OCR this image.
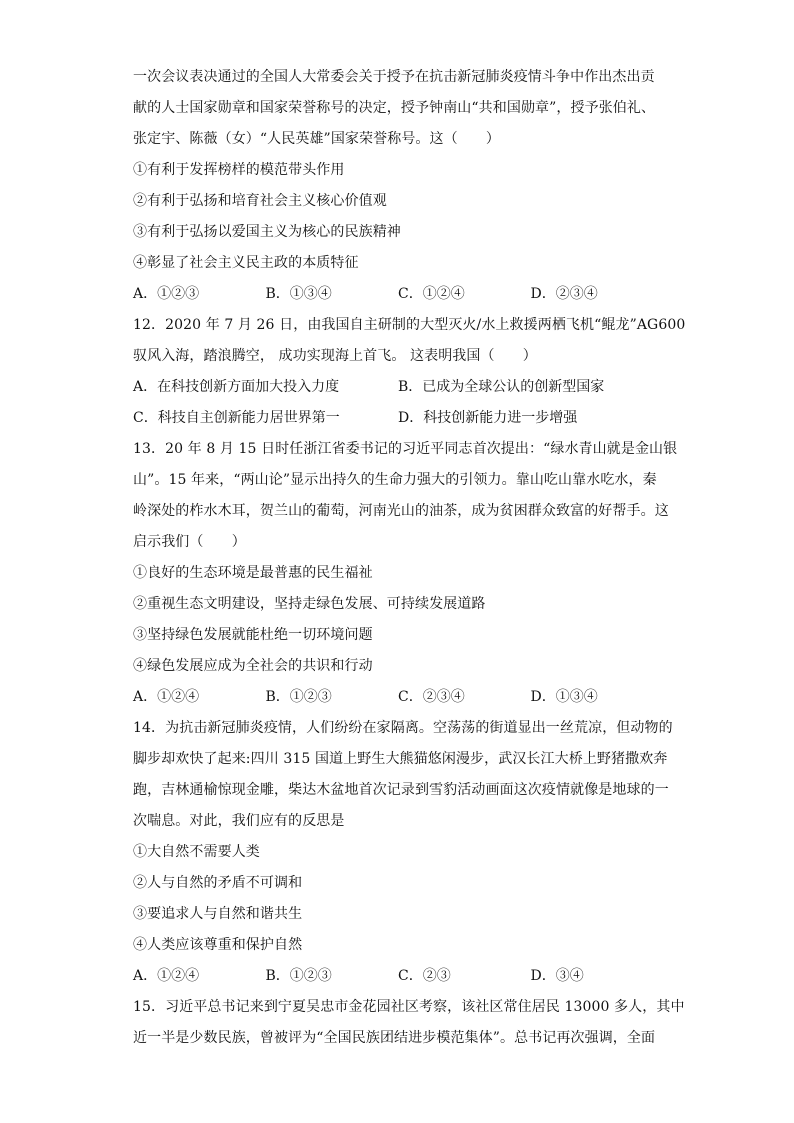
一次会议表决通过的全国人大常委会关于授予在抗击新冠肺炎疫情斗争中作出杰出贡
献的人士国家勋章和国家荣誉称号的决定，授予钟南山“共和国勋章”，授予张伯礼、
张定宇、陈薇（女）“人民英雄”国家荣誉称号。这（　　）
①有利于发挥榜样的模范带头作用
②有利于弘扬和培育社会主义核心价值观
③有利于弘扬以爱国主义为核心的民族精神
④彰显了社会主义民主政的本质特征
A．①②③	B．①③④	C．①②④	D．②③④
12．2020 年 7 月 26 日，由我国自主研制的大型灭火/水上救援两栖飞机“鲲龙”AG600
驭风入海，踏浪腾空， 成功实现海上首飞。 这表明我国（　　）
A．在科技创新方面加大投入力度	B．已成为全球公认的创新型国家
C．科技自主创新能力居世界第一	D．科技创新能力进一步增强
13．20 年 8 月 15 日时任浙江省委书记的习近平同志首次提出：“绿水青山就是金山银
山”。15 年来，“两山论”显示出持久的生命力强大的引领力。靠山吃山靠水吃水，秦
岭深处的柞水木耳，贺兰山的葡萄，河南光山的油茶，成为贫困群众致富的好帮手。这
启示我们（　　）
①良好的生态环境是最普惠的民生福祉
②重视生态文明建设，坚持走绿色发展、可持续发展道路
③坚持绿色发展就能杜绝一切环境问题
④绿色发展应成为全社会的共识和行动
A．①②④	B．①②③	C．②③④	D．①③④
14．为抗击新冠肺炎疫情，人们纷纷在家隔离。空荡荡的街道显出一丝荒凉，但动物的
脚步却欢快了起来:四川 315 国道上野生大熊猫悠闲漫步，武汉长江大桥上野猪撒欢奔
跑，吉林通榆惊现金雕，柴达木盆地首次记录到雪豹活动画面这次疫情就像是地球的一
次喘息。对此，我们应有的反思是
①大自然不需要人类
②人与自然的矛盾不可调和
③要追求人与自然和谐共生
④人类应该尊重和保护自然
A．①②④	B．①②③	C．②③	D．③④
15．习近平总书记来到宁夏吴忠市金花园社区考察，该社区常住居民 13000 多人，其中
近一半是少数民族，曾被评为“全国民族团结进步模范集体”。总书记再次强调，全面
